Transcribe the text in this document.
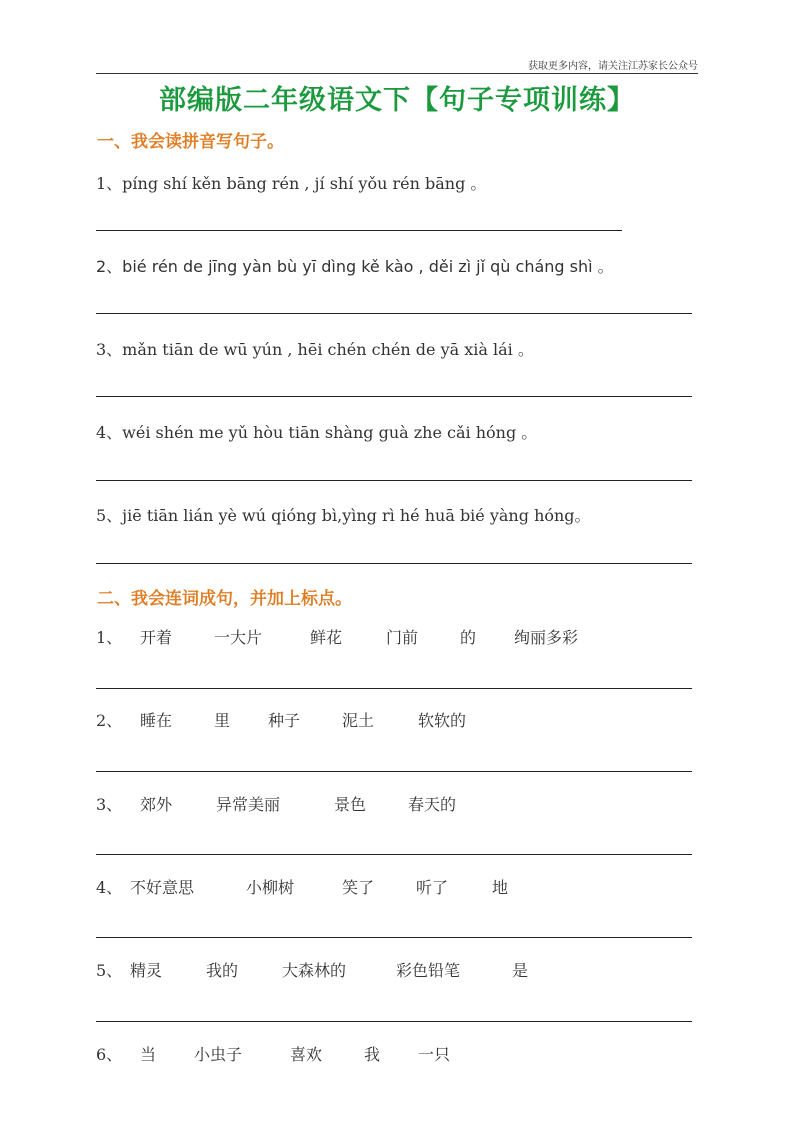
获取更多内容，请关注江苏家长公众号
部编版二年级语文下【句子专项训练】
一、我会读拼音写句子。
1、píng shí kěn bāng rén , jí shí yǒu rén bāng 。
2、bié rén de jīng yàn bù yī dìng kě kào , děi zì jǐ qù cháng shì 。
3、mǎn tiān de wū yún , hēi chén chén de yā xià lái 。
4、wéi shén me yǔ hòu tiān shàng guà zhe cǎi hóng 。
5、jiē tiān lián yè wú qióng bì,yìng rì hé huā bié yàng hóng。
二、我会连词成句，并加上标点。
1、 开着	一大片	鲜花	门前	的 绚丽多彩
2、 睡在	里 种子	泥土	软软的
3、 郊外	异常美丽	景色	春天的
4、 不好意思	小柳树	笑了	听了	地
5、 精灵	我的	大森林的	彩色铅笔	是
6、 当 小虫子	喜欢	我 一只
